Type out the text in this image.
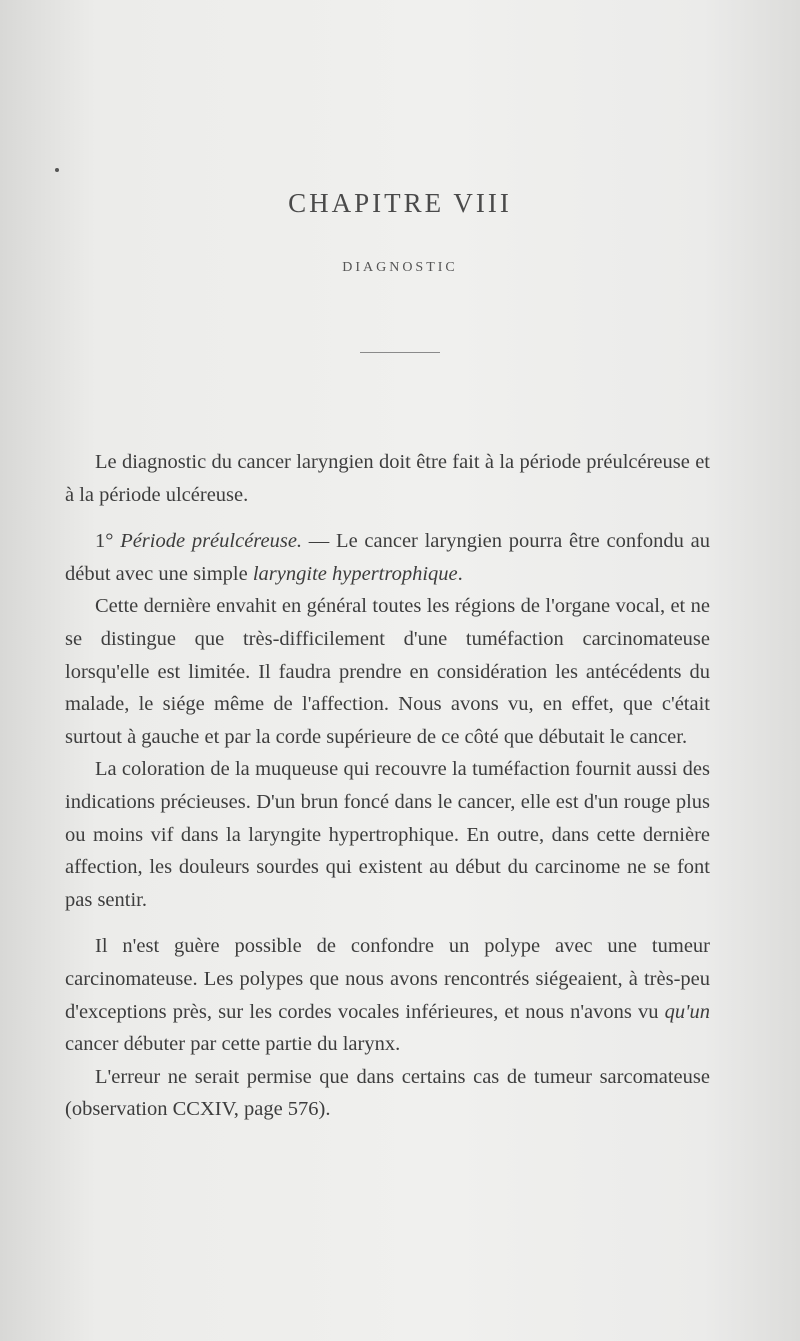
CHAPITRE VIII
DIAGNOSTIC

Le diagnostic du cancer laryngien doit être fait à la période préulcéreuse et à la période ulcéreuse.

1° Période préulcéreuse. — Le cancer laryngien pourra être confondu au début avec une simple laryngite hypertrophique.

Cette dernière envahit en général toutes les régions de l'organe vocal, et ne se distingue que très-difficilement d'une tuméfaction carcinomateuse lorsqu'elle est limitée. Il faudra prendre en considération les antécédents du malade, le siége même de l'affection. Nous avons vu, en effet, que c'était surtout à gauche et par la corde supérieure de ce côté que débutait le cancer.

La coloration de la muqueuse qui recouvre la tuméfaction fournit aussi des indications précieuses. D'un brun foncé dans le cancer, elle est d'un rouge plus ou moins vif dans la laryngite hypertrophique. En outre, dans cette dernière affection, les douleurs sourdes qui existent au début du carcinome ne se font pas sentir.

Il n'est guère possible de confondre un polype avec une tumeur carcinomateuse. Les polypes que nous avons rencontrés siégeaient, à très-peu d'exceptions près, sur les cordes vocales inférieures, et nous n'avons vu qu'un cancer débuter par cette partie du larynx.

L'erreur ne serait permise que dans certains cas de tumeur sarcomateuse (observation CCXIV, page 576).
